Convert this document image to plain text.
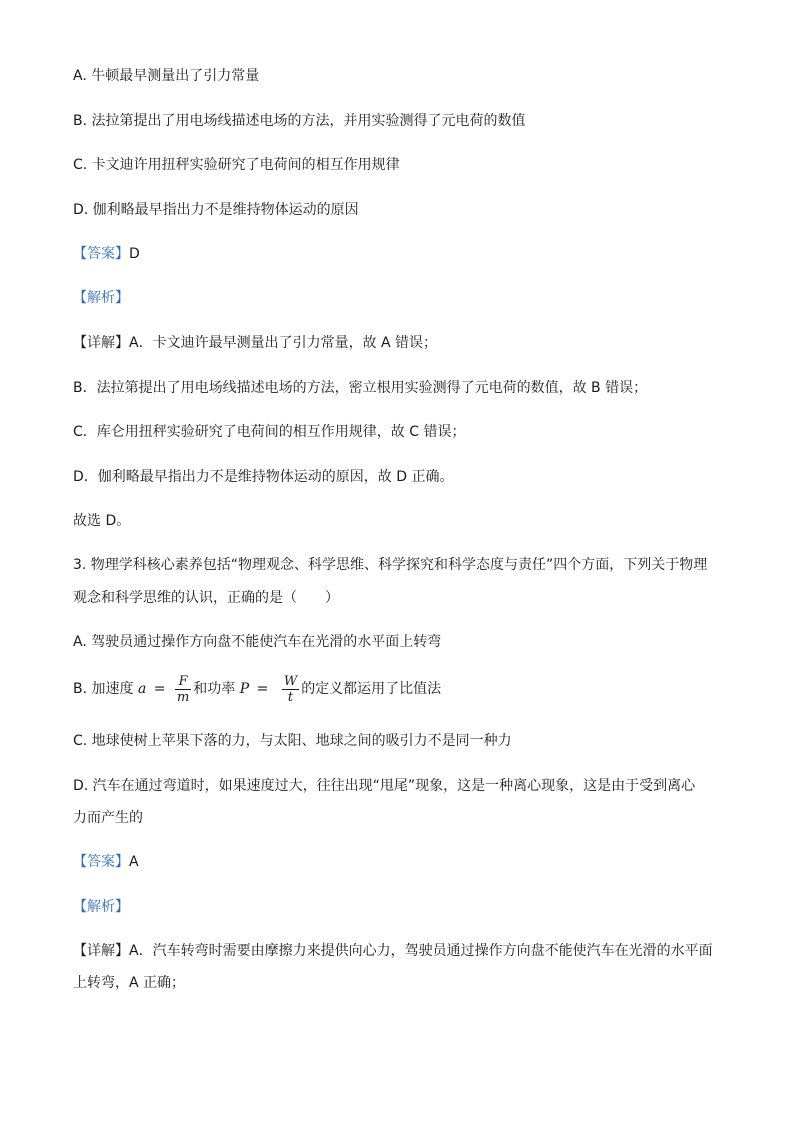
A. 牛顿最早测量出了引力常量
B. 法拉第提出了用电场线描述电场的方法，并用实验测得了元电荷的数值
C. 卡文迪许用扭秤实验研究了电荷间的相互作用规律
D. 伽利略最早指出力不是维持物体运动的原因
【答案】D
【解析】
【详解】A．卡文迪许最早测量出了引力常量，故 A 错误；
B．法拉第提出了用电场线描述电场的方法，密立根用实验测得了元电荷的数值，故 B 错误；
C．库仑用扭秤实验研究了电荷间的相互作用规律，故 C 错误；
D．伽利略最早指出力不是维持物体运动的原因，故 D 正确。
故选 D。
3. 物理学科核心素养包括“物理观念、科学思维、科学探究和科学态度与责任”四个方面，下列关于物理
观念和科学思维的认识，正确的是（　　）
A. 驾驶员通过操作方向盘不能使汽车在光滑的水平面上转弯
B. 加速度 $a = \frac{F}{m}$ 和功率 $P = \frac{W}{t}$ 的定义都运用了比值法
C. 地球使树上苹果下落的力，与太阳、地球之间的吸引力不是同一种力
D. 汽车在通过弯道时，如果速度过大，往往出现“甩尾”现象，这是一种离心现象，这是由于受到离心
力而产生的
【答案】A
【解析】
【详解】A．汽车转弯时需要由摩擦力来提供向心力，驾驶员通过操作方向盘不能使汽车在光滑的水平面
上转弯，A 正确；
